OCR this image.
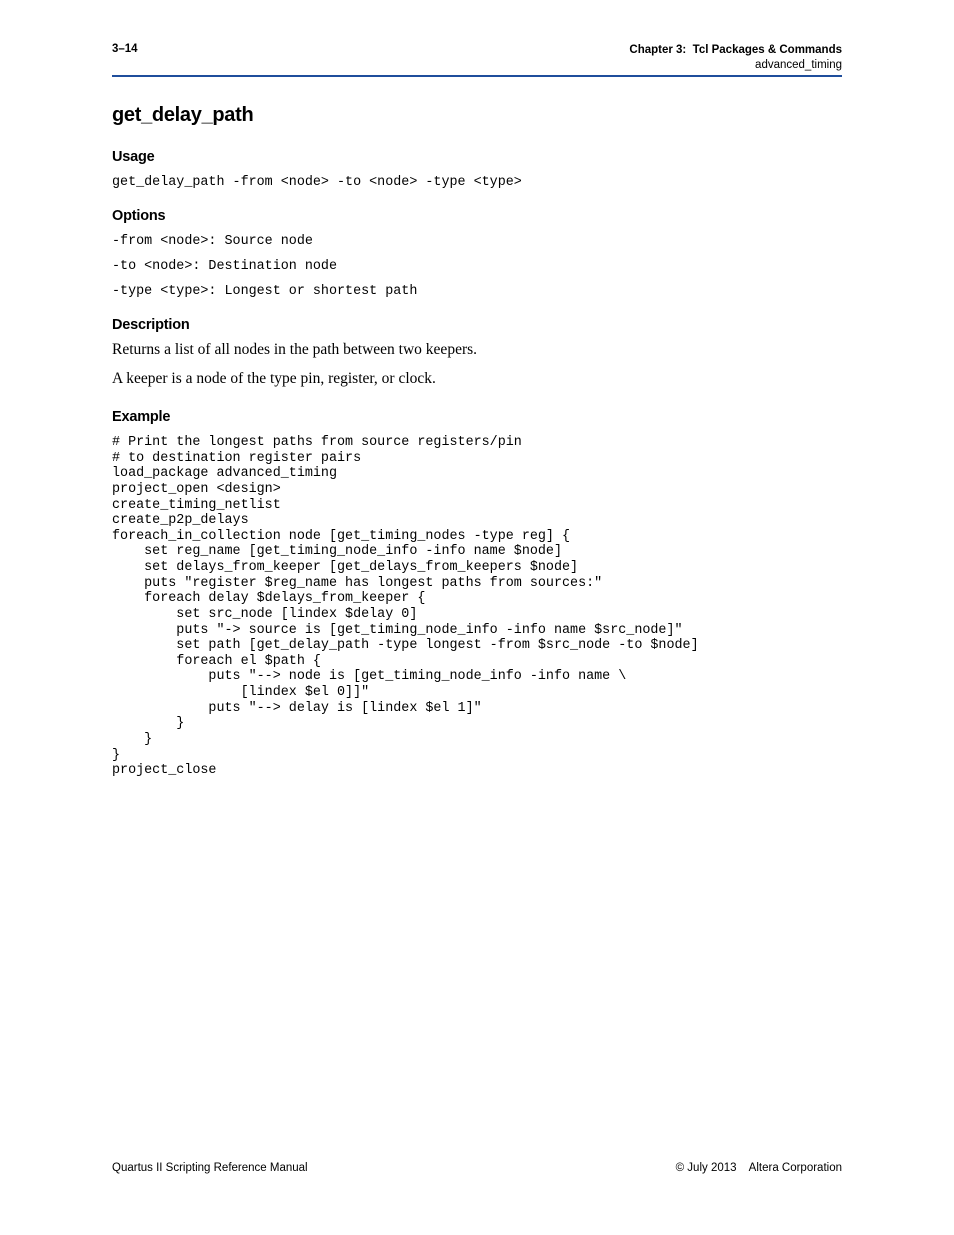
3–14	Chapter 3:  Tcl Packages & Commands
advanced_timing
get_delay_path
Usage
get_delay_path -from <node> -to <node> -type <type>
Options
-from <node>: Source node
-to <node>: Destination node
-type <type>: Longest or shortest path
Description

Returns a list of all nodes in the path between two keepers.

A keeper is a node of the type pin, register, or clock.

Example
# Print the longest paths from source registers/pin
# to destination register pairs
load_package advanced_timing
project_open <design>
create_timing_netlist
create_p2p_delays
foreach_in_collection node [get_timing_nodes -type reg] {
set reg_name [get_timing_node_info -info name $node]
set delays_from_keeper [get_delays_from_keepers $node]
puts "register $reg_name has longest paths from sources:"
foreach delay $delays_from_keeper {
set src_node [lindex $delay 0]
puts "-> source is [get_timing_node_info -info name $src_node]"
set path [get_delay_path -type longest -from $src_node -to $node]
foreach el $path {
puts "--> node is [get_timing_node_info -info name \
[lindex $el 0]]"
puts "--> delay is [lindex $el 1]"
}
}
}
project_close
Quartus II Scripting Reference Manual	© July 2013    Altera Corporation
